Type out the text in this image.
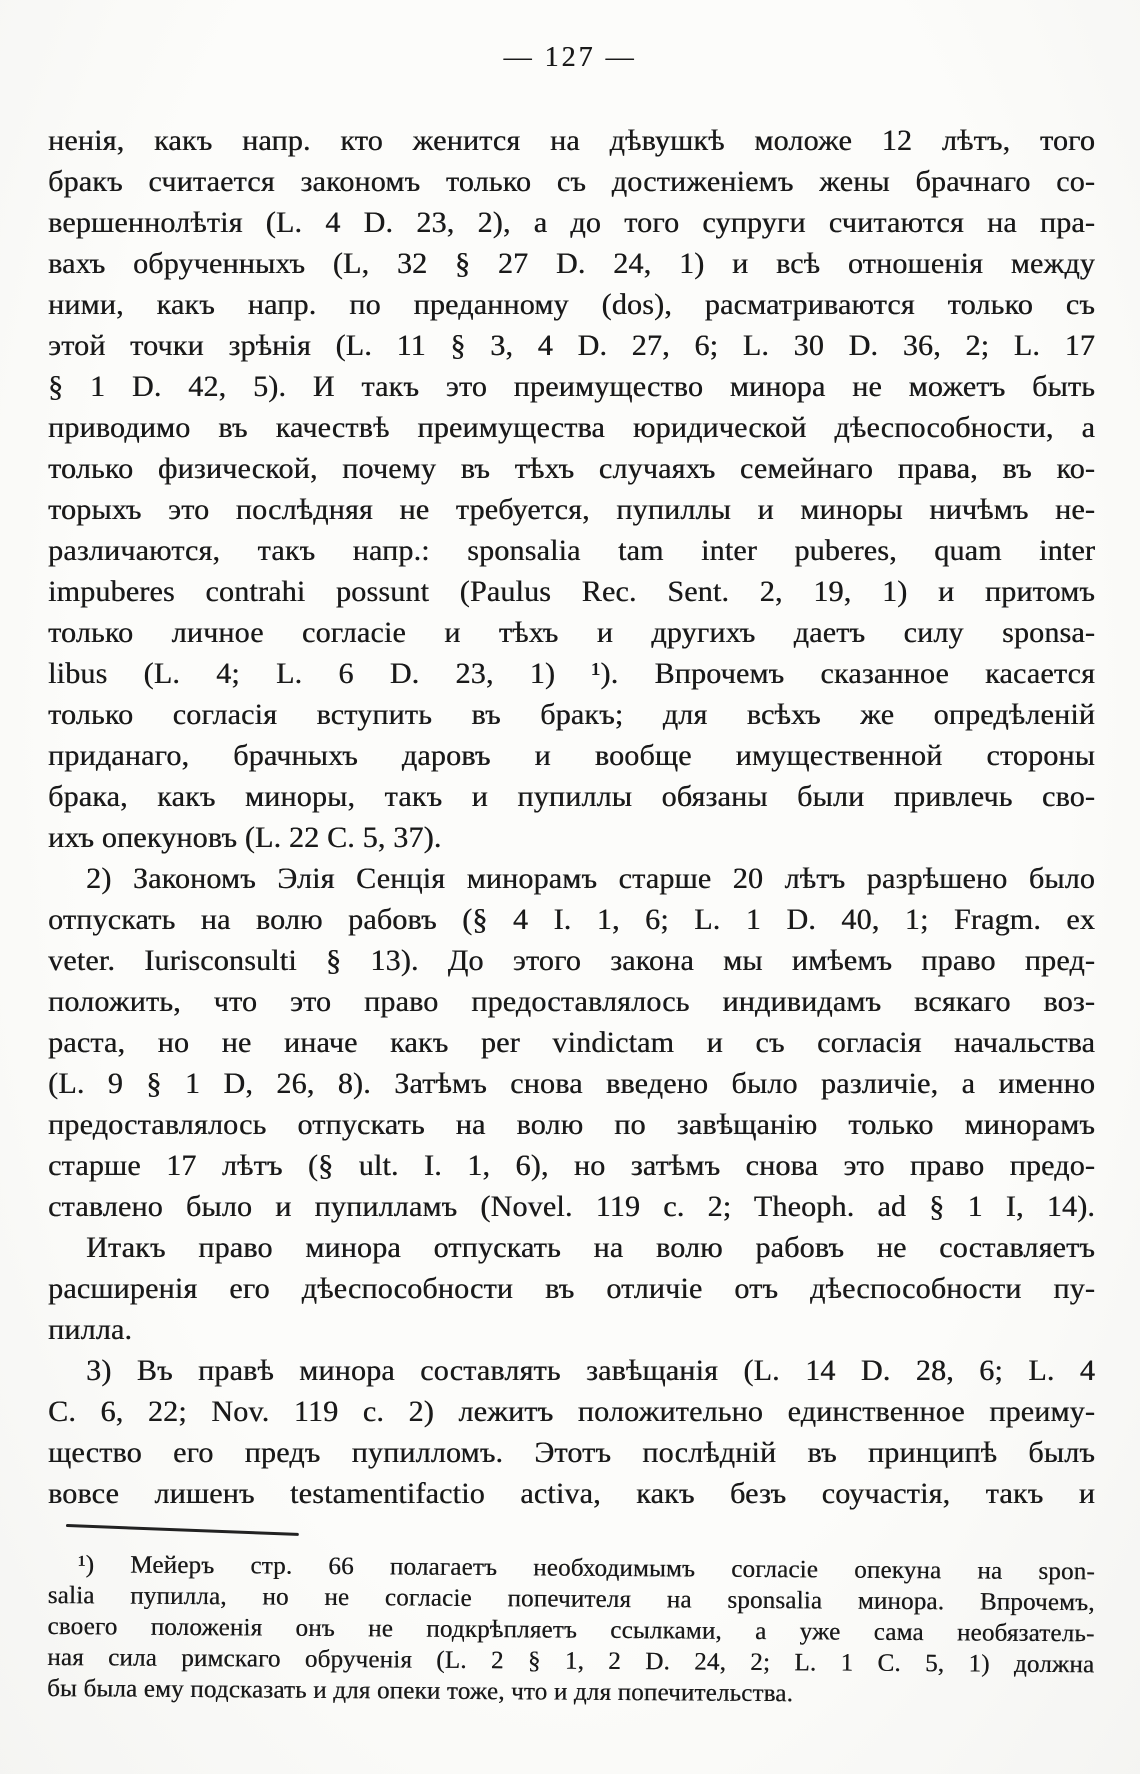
— 127 —
ненія, какъ напр. кто женится на дѣвушкѣ моложе 12 лѣтъ, того
бракъ считается закономъ только съ достиженіемъ жены брачнаго со-
вершеннолѣтія (L. 4 D. 23, 2), а до того супруги считаются на пра-
вахъ обрученныхъ (L, 32 § 27 D. 24, 1) и всѣ отношенія между
ними, какъ напр. по преданному (dos), расматриваются только съ
этой точки зрѣнія (L. 11 § 3, 4 D. 27, 6; L. 30 D. 36, 2; L. 17
§ 1 D. 42, 5). И такъ это преимущество минора не можетъ быть
приводимо въ качествѣ преимущества юридической дѣеспособности, а
только физической, почему въ тѣхъ случаяхъ семейнаго права, въ ко-
торыхъ это послѣдняя не требуется, пупиллы и миноры ничѣмъ не-
различаются, такъ напр.: sponsalia tam inter puberes, quam inter
impuberes contrahi possunt (Paulus Rec. Sent. 2, 19, 1) и притомъ
только личное согласіе и тѣхъ и другихъ даетъ силу sponsa-
libus (L. 4; L. 6 D. 23, 1) ¹). Впрочемъ сказанное касается
только согласія вступить въ бракъ; для всѣхъ же опредѣленій
приданаго, брачныхъ даровъ и вообще имущественной стороны
брака, какъ миноры, такъ и пупиллы обязаны были привлечь сво-
ихъ опекуновъ (L. 22 C. 5, 37).
2) Закономъ Элія Сенція минорамъ старше 20 лѣтъ разрѣшено было
отпускать на волю рабовъ (§ 4 I. 1, 6; L. 1 D. 40, 1; Fragm. ex
veter. Iurisconsulti § 13). До этого закона мы имѣемъ право пред-
положить, что это право предоставлялось индивидамъ всякаго воз-
раста, но не иначе какъ per vindictam и съ согласія начальства
(L. 9 § 1 D, 26, 8). Затѣмъ снова введено было различіе, а именно
предоставлялось отпускать на волю по завѣщанію только минорамъ
старше 17 лѣтъ (§ ult. I. 1, 6), но затѣмъ снова это право предо-
ставлено было и пупилламъ (Novel. 119 c. 2; Theoph. ad § 1 I, 14).
Итакъ право минора отпускать на волю рабовъ не составляетъ
расширенія его дѣеспособности въ отличіе отъ дѣеспособности пу-
пилла.
3) Въ правѣ минора составлять завѣщанія (L. 14 D. 28, 6; L. 4
C. 6, 22; Nov. 119 c. 2) лежитъ положительно единственное преиму-
щество его предъ пупилломъ. Этотъ послѣдній въ принципѣ былъ
вовсе лишенъ testamentifactio activa, какъ безъ соучастія, такъ и
¹) Мейеръ стр. 66 полагаетъ необходимымъ согласіе опекуна на spon-
salia пупилла, но не согласіе попечителя на sponsalia минора. Впрочемъ,
своего положенія онъ не подкрѣпляетъ ссылками, а уже сама необязатель-
ная сила римскаго обрученія (L. 2 § 1, 2 D. 24, 2; L. 1 C. 5, 1) должна
бы была ему подсказать и для опеки тоже, что и для попечительства.
